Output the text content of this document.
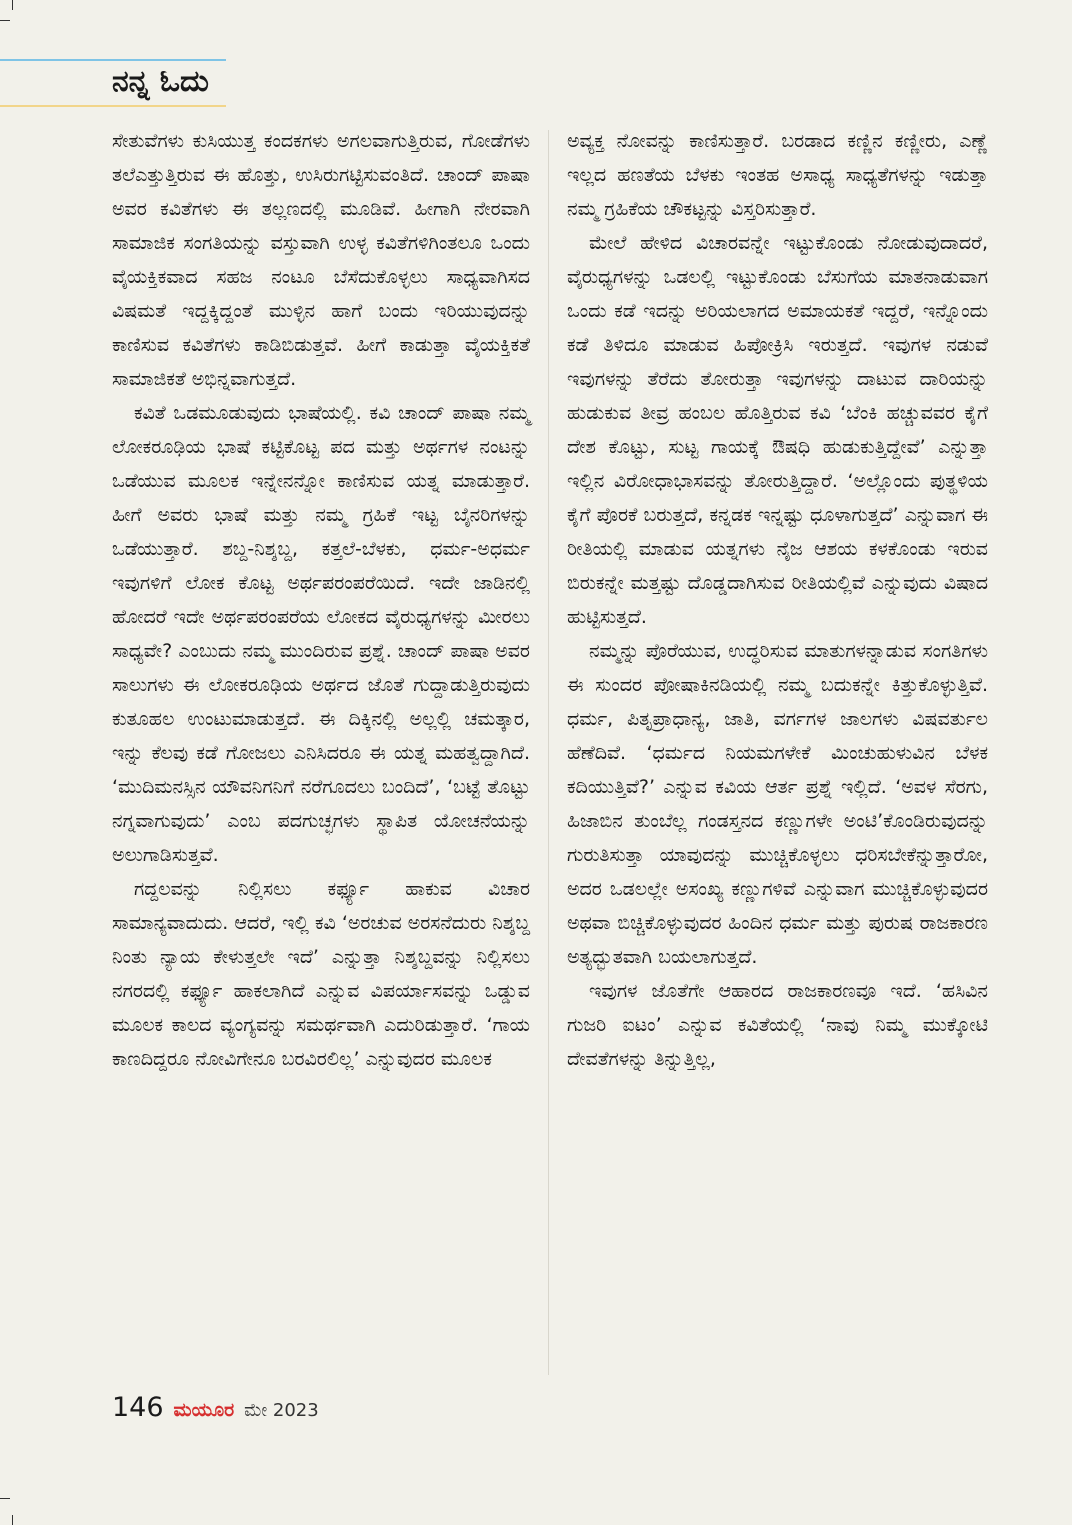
ನನ್ನ ಓದು

ಸೇತುವೆಗಳು ಕುಸಿಯುತ್ತ ಕಂದಕಗಳು ಅಗಲವಾಗುತ್ತಿರುವ, ಗೋಡೆಗಳು ತಲೆಎತ್ತುತ್ತಿರುವ ಈ ಹೊತ್ತು, ಉಸಿರುಗಟ್ಟಿಸುವಂತಿದೆ. ಚಾಂದ್ ಪಾಷಾ ಅವರ ಕವಿತೆಗಳು ಈ ತಲ್ಲಣದಲ್ಲಿ ಮೂಡಿವೆ. ಹೀಗಾಗಿ ನೇರವಾಗಿ ಸಾಮಾಜಿಕ ಸಂಗತಿಯನ್ನು ವಸ್ತುವಾಗಿ ಉಳ್ಳ ಕವಿತೆಗಳಿಗಿಂತಲೂ ಒಂದು ವೈಯಕ್ತಿಕವಾದ ಸಹಜ ನಂಟೂ ಬೆಸೆದುಕೊಳ್ಳಲು ಸಾಧ್ಯವಾಗಿಸದ ವಿಷಮತೆ ಇದ್ದಕ್ಕಿದ್ದಂತೆ ಮುಳ್ಳಿನ ಹಾಗೆ ಬಂದು ಇರಿಯುವುದನ್ನು ಕಾಣಿಸುವ ಕವಿತೆಗಳು ಕಾಡಿಬಿಡುತ್ತವೆ. ಹೀಗೆ ಕಾಡುತ್ತಾ ವೈಯಕ್ತಿಕತೆ ಸಾಮಾಜಿಕತೆ ಅಭಿನ್ನವಾಗುತ್ತದೆ.

ಕವಿತೆ ಒಡಮೂಡುವುದು ಭಾಷೆಯಲ್ಲಿ. ಕವಿ ಚಾಂದ್ ಪಾಷಾ ನಮ್ಮ ಲೋಕರೂಢಿಯ ಭಾಷೆ ಕಟ್ಟಿಕೊಟ್ಟ ಪದ ಮತ್ತು ಅರ್ಥಗಳ ನಂಟನ್ನು ಒಡೆಯುವ ಮೂಲಕ ಇನ್ನೇನನ್ನೋ ಕಾಣಿಸುವ ಯತ್ನ ಮಾಡುತ್ತಾರೆ. ಹೀಗೆ ಅವರು ಭಾಷೆ ಮತ್ತು ನಮ್ಮ ಗ್ರಹಿಕೆ ಇಟ್ಟ ಬೈನರಿಗಳನ್ನು ಒಡೆಯುತ್ತಾರೆ. ಶಬ್ದ-ನಿಶ್ಶಬ್ದ, ಕತ್ತಲೆ-ಬೆಳಕು, ಧರ್ಮ-ಅಧರ್ಮ ಇವುಗಳಿಗೆ ಲೋಕ ಕೊಟ್ಟ ಅರ್ಥಪರಂಪರೆಯಿದೆ. ಇದೇ ಜಾಡಿನಲ್ಲಿ ಹೋದರೆ ಇದೇ ಅರ್ಥಪರಂಪರೆಯ ಲೋಕದ ವೈರುಧ್ಯಗಳನ್ನು ಮೀರಲು ಸಾಧ್ಯವೇ? ಎಂಬುದು ನಮ್ಮ ಮುಂದಿರುವ ಪ್ರಶ್ನೆ. ಚಾಂದ್ ಪಾಷಾ ಅವರ ಸಾಲುಗಳು ಈ ಲೋಕರೂಢಿಯ ಅರ್ಥದ ಜೊತೆ ಗುದ್ದಾಡುತ್ತಿರುವುದು ಕುತೂಹಲ ಉಂಟುಮಾಡುತ್ತದೆ. ಈ ದಿಕ್ಕಿನಲ್ಲಿ ಅಲ್ಲಲ್ಲಿ ಚಮತ್ಕಾರ, ಇನ್ನು ಕೆಲವು ಕಡೆ ಗೋಜಲು ಎನಿಸಿದರೂ ಈ ಯತ್ನ ಮಹತ್ವದ್ದಾಗಿದೆ. ‘ಮುದಿಮನಸ್ಸಿನ ಯೌವನಿಗನಿಗೆ ನರೆಗೂದಲು ಬಂದಿದೆ’, ‘ಬಟ್ಟೆ ತೊಟ್ಟು ನಗ್ನವಾಗುವುದು’ ಎಂಬ ಪದಗುಚ್ಛಗಳು ಸ್ಥಾಪಿತ ಯೋಚನೆಯನ್ನು ಅಲುಗಾಡಿಸುತ್ತವೆ.

ಗದ್ದಲವನ್ನು ನಿಲ್ಲಿಸಲು ಕರ್ಫ್ಯೂ ಹಾಕುವ ವಿಚಾರ ಸಾಮಾನ್ಯವಾದುದು. ಆದರೆ, ಇಲ್ಲಿ ಕವಿ ‘ಅರಚುವ ಅರಸನೆದುರು ನಿಶ್ಶಬ್ದ ನಿಂತು ನ್ಯಾಯ ಕೇಳುತ್ತಲೇ ಇದೆ’ ಎನ್ನುತ್ತಾ ನಿಶ್ಶಬ್ದವನ್ನು ನಿಲ್ಲಿಸಲು ನಗರದಲ್ಲಿ ಕರ್ಫ್ಯೂ ಹಾಕಲಾಗಿದೆ ಎನ್ನುವ ವಿಪರ್ಯಾಸವನ್ನು ಒಡ್ಡುವ ಮೂಲಕ ಕಾಲದ ವ್ಯಂಗ್ಯವನ್ನು ಸಮರ್ಥವಾಗಿ ಎದುರಿಡುತ್ತಾರೆ. ‘ಗಾಯ ಕಾಣದಿದ್ದರೂ ನೋವಿಗೇನೂ ಬರವಿರಲಿಲ್ಲ’ ಎನ್ನುವುದರ ಮೂಲಕ

ಅವ್ಯಕ್ತ ನೋವನ್ನು ಕಾಣಿಸುತ್ತಾರೆ. ಬರಡಾದ ಕಣ್ಣಿನ ಕಣ್ಣೀರು, ಎಣ್ಣೆ ಇಲ್ಲದ ಹಣತೆಯ ಬೆಳಕು ಇಂತಹ ಅಸಾಧ್ಯ ಸಾಧ್ಯತೆಗಳನ್ನು ಇಡುತ್ತಾ ನಮ್ಮ ಗ್ರಹಿಕೆಯ ಚೌಕಟ್ಟನ್ನು ವಿಸ್ತರಿಸುತ್ತಾರೆ.

ಮೇಲೆ ಹೇಳಿದ ವಿಚಾರವನ್ನೇ ಇಟ್ಟುಕೊಂಡು ನೋಡುವುದಾದರೆ, ವೈರುಧ್ಯಗಳನ್ನು ಒಡಲಲ್ಲಿ ಇಟ್ಟುಕೊಂಡು ಬೆಸುಗೆಯ ಮಾತನಾಡುವಾಗ ಒಂದು ಕಡೆ ಇದನ್ನು ಅರಿಯಲಾಗದ ಅಮಾಯಕತೆ ಇದ್ದರೆ, ಇನ್ನೊಂದು ಕಡೆ ತಿಳಿದೂ ಮಾಡುವ ಹಿಪೋಕ್ರಿಸಿ ಇರುತ್ತದೆ. ಇವುಗಳ ನಡುವೆ ಇವುಗಳನ್ನು ತೆರೆದು ತೋರುತ್ತಾ ಇವುಗಳನ್ನು ದಾಟುವ ದಾರಿಯನ್ನು ಹುಡುಕುವ ತೀವ್ರ ಹಂಬಲ ಹೊತ್ತಿರುವ ಕವಿ ‘ಬೆಂಕಿ ಹಚ್ಚುವವರ ಕೈಗೆ ದೇಶ ಕೊಟ್ಟು, ಸುಟ್ಟ ಗಾಯಕ್ಕೆ ಔಷಧಿ ಹುಡುಕುತ್ತಿದ್ದೇವೆ’ ಎನ್ನುತ್ತಾ ಇಲ್ಲಿನ ವಿರೋಧಾಭಾಸವನ್ನು ತೋರುತ್ತಿದ್ದಾರೆ. ‘ಅಲ್ಲೊಂದು ಪುತ್ಥಳಿಯ ಕೈಗೆ ಪೊರಕೆ ಬರುತ್ತದೆ, ಕನ್ನಡಕ ಇನ್ನಷ್ಟು ಧೂಳಾಗುತ್ತದೆ’ ಎನ್ನುವಾಗ ಈ ರೀತಿಯಲ್ಲಿ ಮಾಡುವ ಯತ್ನಗಳು ನೈಜ ಆಶಯ ಕಳಕೊಂಡು ಇರುವ ಬಿರುಕನ್ನೇ ಮತ್ತಷ್ಟು ದೊಡ್ಡದಾಗಿಸುವ ರೀತಿಯಲ್ಲಿವೆ ಎನ್ನುವುದು ವಿಷಾದ ಹುಟ್ಟಿಸುತ್ತದೆ.

ನಮ್ಮನ್ನು ಪೊರೆಯುವ, ಉದ್ಧರಿಸುವ ಮಾತುಗಳನ್ನಾಡುವ ಸಂಗತಿಗಳು ಈ ಸುಂದರ ಪೋಷಾಕಿನಡಿಯಲ್ಲಿ ನಮ್ಮ ಬದುಕನ್ನೇ ಕಿತ್ತುಕೊಳ್ಳುತ್ತಿವೆ. ಧರ್ಮ, ಪಿತೃಪ್ರಾಧಾನ್ಯ, ಜಾತಿ, ವರ್ಗಗಳ ಜಾಲಗಳು ವಿಷವರ್ತುಲ ಹೆಣೆದಿವೆ. ‘ಧರ್ಮದ ನಿಯಮಗಳೇಕೆ ಮಿಂಚುಹುಳುವಿನ ಬೆಳಕ ಕದಿಯುತ್ತಿವೆ?’ ಎನ್ನುವ ಕವಿಯ ಆರ್ತ ಪ್ರಶ್ನೆ ಇಲ್ಲಿದೆ. ‘ಅವಳ ಸೆರಗು, ಹಿಜಾಬಿನ ತುಂಬೆಲ್ಲ ಗಂಡಸ್ತನದ ಕಣ್ಣುಗಳೇ ಅಂಟಿ’ಕೊಂಡಿರುವುದನ್ನು ಗುರುತಿಸುತ್ತಾ ಯಾವುದನ್ನು ಮುಚ್ಚಿಕೊಳ್ಳಲು ಧರಿಸಬೇಕೆನ್ನುತ್ತಾರೋ, ಅದರ ಒಡಲಲ್ಲೇ ಅಸಂಖ್ಯ ಕಣ್ಣುಗಳಿವೆ ಎನ್ನುವಾಗ ಮುಚ್ಚಿಕೊಳ್ಳುವುದರ ಅಥವಾ ಬಿಚ್ಚಿಕೊಳ್ಳುವುದರ ಹಿಂದಿನ ಧರ್ಮ ಮತ್ತು ಪುರುಷ ರಾಜಕಾರಣ ಅತ್ಯದ್ಭುತವಾಗಿ ಬಯಲಾಗುತ್ತದೆ.

ಇವುಗಳ ಜೊತೆಗೇ ಆಹಾರದ ರಾಜಕಾರಣವೂ ಇದೆ. ‘ಹಸಿವಿನ ಗುಜರಿ ಐಟಂ’ ಎನ್ನುವ ಕವಿತೆಯಲ್ಲಿ ‘ನಾವು ನಿಮ್ಮ ಮುಕ್ಕೋಟಿ ದೇವತೆಗಳನ್ನು ತಿನ್ನುತ್ತಿಲ್ಲ,

146 ಮಯೂರ ಮೇ 2023
